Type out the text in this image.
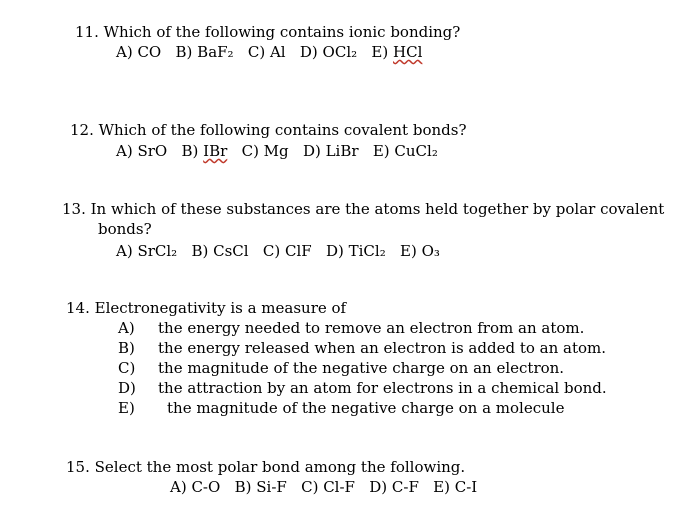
11. Which of the following contains ionic bonding?
A) CO   B) BaF₂   C) Al   D) OCl₂   E) HCl
12. Which of the following contains covalent bonds?
A) SrO   B) IBr   C) Mg   D) LiBr   E) CuCl₂
13. In which of these substances are the atoms held together by polar covalent
bonds?
A) SrCl₂   B) CsCl   C) ClF   D) TiCl₂   E) O₃
14. Electronegativity is a measure of
A) the energy needed to remove an electron from an atom.
B) the energy released when an electron is added to an atom.
C) the magnitude of the negative charge on an electron.
D) the attraction by an atom for electrons in a chemical bond.
E) the magnitude of the negative charge on a molecule
15. Select the most polar bond among the following.
A) C-O   B) Si-F   C) Cl-F   D) C-F   E) C-I
